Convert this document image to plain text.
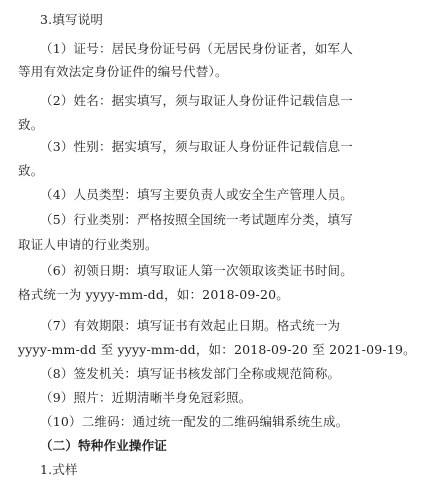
3.填写说明
（1）证号：居民身份证号码（无居民身份证者，如军人
等用有效法定身份证件的编号代替）。
（2）姓名：据实填写，须与取证人身份证件记载信息一
致。
（3）性别：据实填写，须与取证人身份证件记载信息一
致。
（4）人员类型：填写主要负责人或安全生产管理人员。
（5）行业类别：严格按照全国统一考试题库分类，填写
取证人申请的行业类别。
（6）初领日期：填写取证人第一次领取该类证书时间。
格式统一为 yyyy-mm-dd，如：2018-09-20。
（7）有效期限：填写证书有效起止日期。格式统一为
yyyy-mm-dd 至 yyyy-mm-dd，如：2018-09-20 至 2021-09-19。
（8）签发机关：填写证书核发部门全称或规范简称。
（9）照片：近期清晰半身免冠彩照。
（10）二维码：通过统一配发的二维码编辑系统生成。
（二）特种作业操作证
1.式样
